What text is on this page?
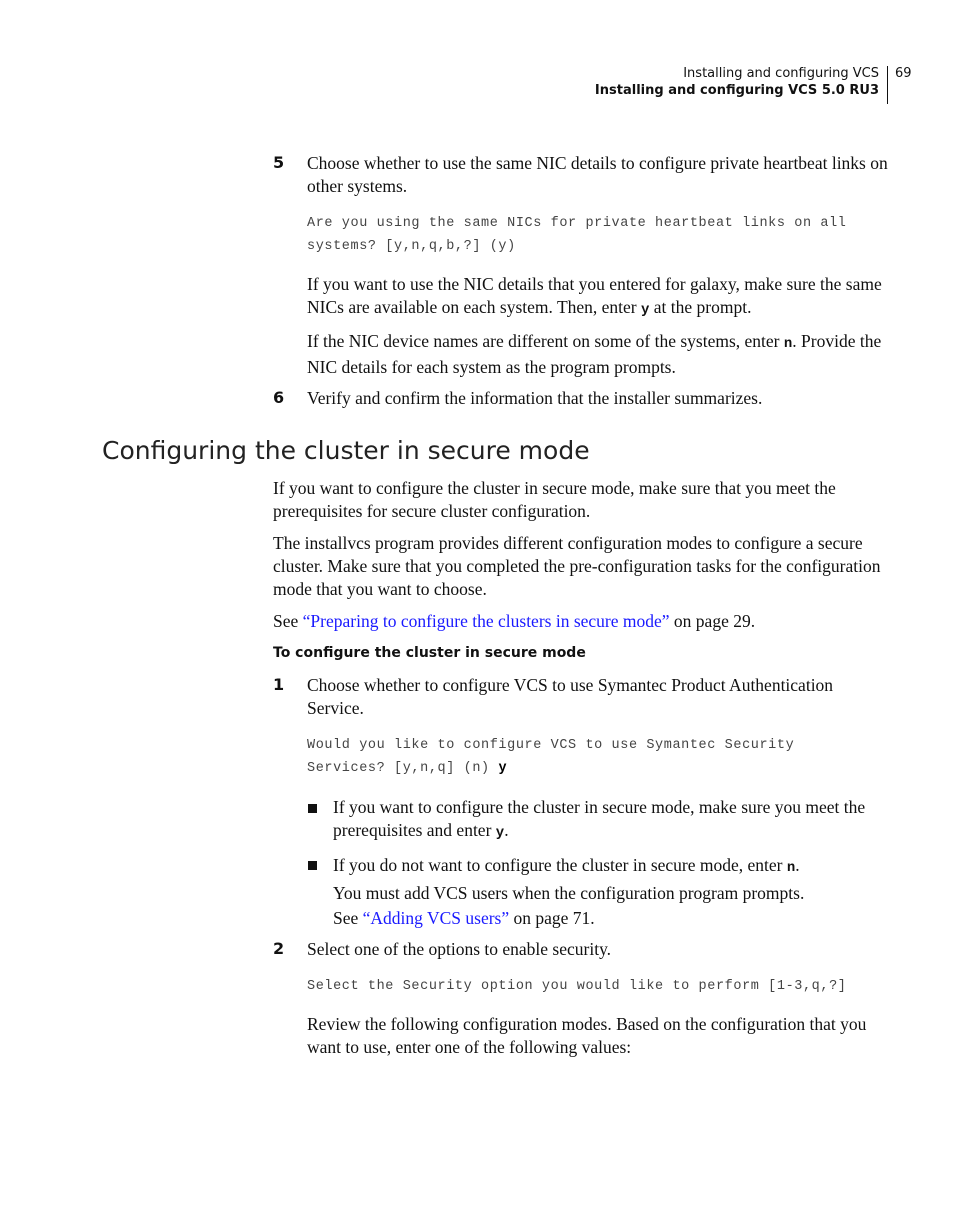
Installing and configuring VCS
Installing and configuring VCS 5.0 RU3
69
5 Choose whether to use the same NIC details to configure private heartbeat links on other systems.
Are you using the same NICs for private heartbeat links on all
systems? [y,n,q,b,?] (y)
If you want to use the NIC details that you entered for galaxy, make sure the same NICs are available on each system. Then, enter y at the prompt.
If the NIC device names are different on some of the systems, enter n. Provide the NIC details for each system as the program prompts.
6 Verify and confirm the information that the installer summarizes.
Configuring the cluster in secure mode
If you want to configure the cluster in secure mode, make sure that you meet the prerequisites for secure cluster configuration.
The installvcs program provides different configuration modes to configure a secure cluster. Make sure that you completed the pre-configuration tasks for the configuration mode that you want to choose.
See “Preparing to configure the clusters in secure mode” on page 29.
To configure the cluster in secure mode
1 Choose whether to configure VCS to use Symantec Product Authentication Service.
Would you like to configure VCS to use Symantec Security
Services? [y,n,q] (n) y
If you want to configure the cluster in secure mode, make sure you meet the prerequisites and enter y.
If you do not want to configure the cluster in secure mode, enter n.
You must add VCS users when the configuration program prompts.
See “Adding VCS users” on page 71.
2 Select one of the options to enable security.
Select the Security option you would like to perform [1-3,q,?]
Review the following configuration modes. Based on the configuration that you want to use, enter one of the following values:
